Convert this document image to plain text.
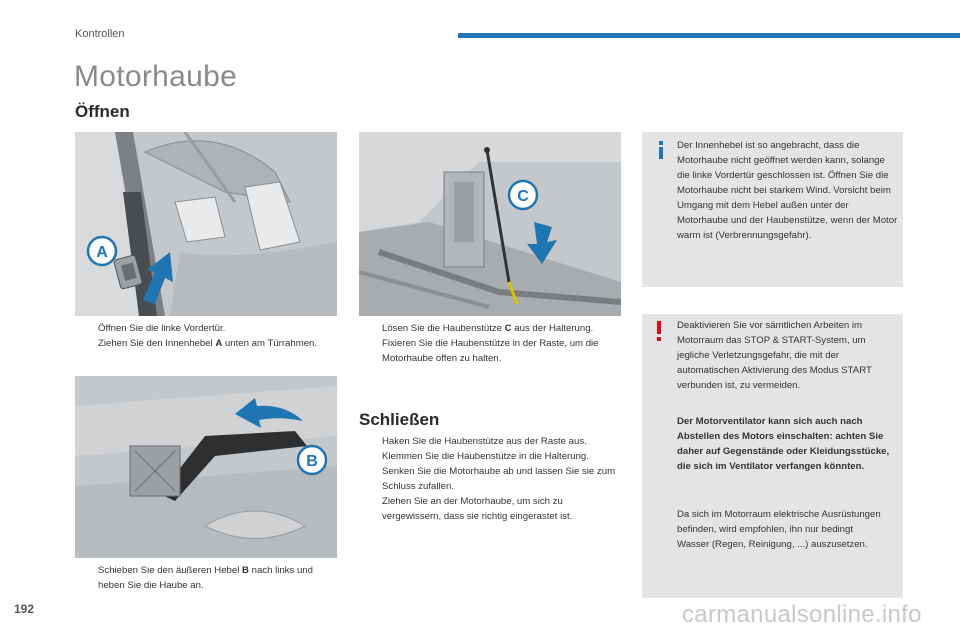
Kontrollen
Motorhaube
Öffnen
A
C
Öffnen Sie die linke Vordertür.
Ziehen Sie den Innenhebel A unten am Türrahmen.
Lösen Sie die Haubenstütze C aus der Halterung.
Fixieren Sie die Haubenstütze in der Raste, um die Motorhaube offen zu halten.
B
Schieben Sie den äußeren Hebel B nach links und heben Sie die Haube an.
Schließen
Haken Sie die Haubenstütze aus der Raste aus.
Klemmen Sie die Haubenstütze in die Halterung.
Senken Sie die Motorhaube ab und lassen Sie sie zum Schluss zufallen.
Ziehen Sie an der Motorhaube, um sich zu vergewissern, dass sie richtig eingerastet ist.

Der Innenhebel ist so angebracht, dass die Motorhaube nicht geöffnet werden kann, solange die linke Vordertür geschlossen ist. Öffnen Sie die Motorhaube nicht bei starkem Wind. Vorsicht beim Umgang mit dem Hebel außen unter der Motorhaube und der Haubenstütze, wenn der Motor warm ist (Verbrennungsgefahr).

Deaktivieren Sie vor sämtlichen Arbeiten im Motorraum das STOP & START-System, um jegliche Verletzungsgefahr, die mit der automatischen Aktivierung des Modus START verbunden ist, zu vermeiden.

Der Motorventilator kann sich auch nach Abstellen des Motors einschalten: achten Sie daher auf Gegenstände oder Kleidungsstücke, die sich im Ventilator verfangen könnten.

Da sich im Motorraum elektrische Ausrüstungen befinden, wird empfohlen, ihn nur bedingt Wasser (Regen, Reinigung, ...) auszusetzen.

192	carmanualsonline.info
